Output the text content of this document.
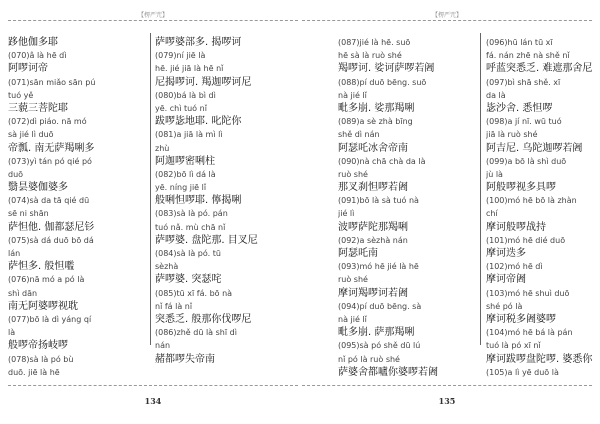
【楞严咒】
跢他伽多耶
(070)â là hē dì
阿啰诃帝
(071)sān miǎo sān pú
tuó yě
三藐三菩陀耶
(072)dì piáo. nā mó
sà jié lì duō
帝瓢. 南无萨羯唎多
(073)yì tán pó qié pó
duō
翳昙婆伽婆多
(074)sà da tā qié dū
sē ni shān
萨怛他. 伽都瑟尼钐
(075)sà dá duō bō dá
lán
萨怛多. 般怛嚂
(076)nā mó a pó là
shì dān
南无阿婆啰视耽
(077)bō là dì yáng qí
là
般啰帝扬岐啰
(078)sà là pó bù
duō. jiē là hē
萨啰婆部多. 揭啰诃
(079)ní jiē là
hē. jié jiā là hē nǐ
尼揭啰诃. 羯迦啰诃尼
(080)bá là bì dì
yē. chì tuó nǐ
跋啰毖地耶. 叱陀你
(081)a jiā là mì lì
zhù
阿迦啰密唎柱
(082)bō lì dá là
yē. níng jiē lǐ
般唎怛啰耶. 儜揭唎
(083)sà là pó. pán
tuó nǎ. mù chā nǐ
萨啰婆. 盘陀那. 目叉尼
(084)sà là pó. tū
sèzhà
萨啰婆. 突瑟咤
(085)tū xī fá. bō nà
nǐ fá là nǐ
突悉乏. 般那你伐啰尼
(086)zhě dū là shī dì
nán
赭都啰失帝南
134
【楞严咒】
(087)jié là hē. suō
hē sà là ruò shé
羯啰诃. 娑诃萨啰若阇
(088)pí duō bēng. suō
nà jié lǐ
毗多崩. 娑那羯唎
(089)a sè zhà bīng
shě dì nán
阿瑟吒冰舍帝南
(090)nà chā chà da là
ruò shé
那叉刹怛啰若阇
(091)bō là sà tuó nà
jié lì
波啰萨陀那羯唎
(092)a sèzhà nán
阿瑟吒南
(093)mó hē jié là hē
ruò shé
摩诃羯啰诃若阇
(094)pí duō bēng. sà
nà jié lǐ
毗多崩. 萨那羯唎
(095)sà pó shě dū lú
nǐ pó là ruò shé
萨婆舍都嚧你婆啰若阇
(096)hū lán tū xī
fá. nán zhē nà shě nǐ
呼蓝突悉乏. 难遮那舍尼
(097)bì shā shě. xī
da là
毖沙舍. 悉怛啰
(098)a jí nī. wū tuó
jiā là ruò shé
阿吉尼. 乌陀迦啰若阇
(099)a bō là shì duō
jù là
阿般啰视多具啰
(100)mó hē bō là zhàn
chí
摩诃般啰战持
(101)mó hē dié duō
摩诃迭多
(102)mó hē dì
摩诃帝阇
(103)mó hē shuì duō
shé pó là
摩诃税多阇婆啰
(104)mó hē bá là pán
tuó là pó xī nǐ
摩诃跋啰盘陀啰. 婆悉你
(105)a lì yē duō là
135
